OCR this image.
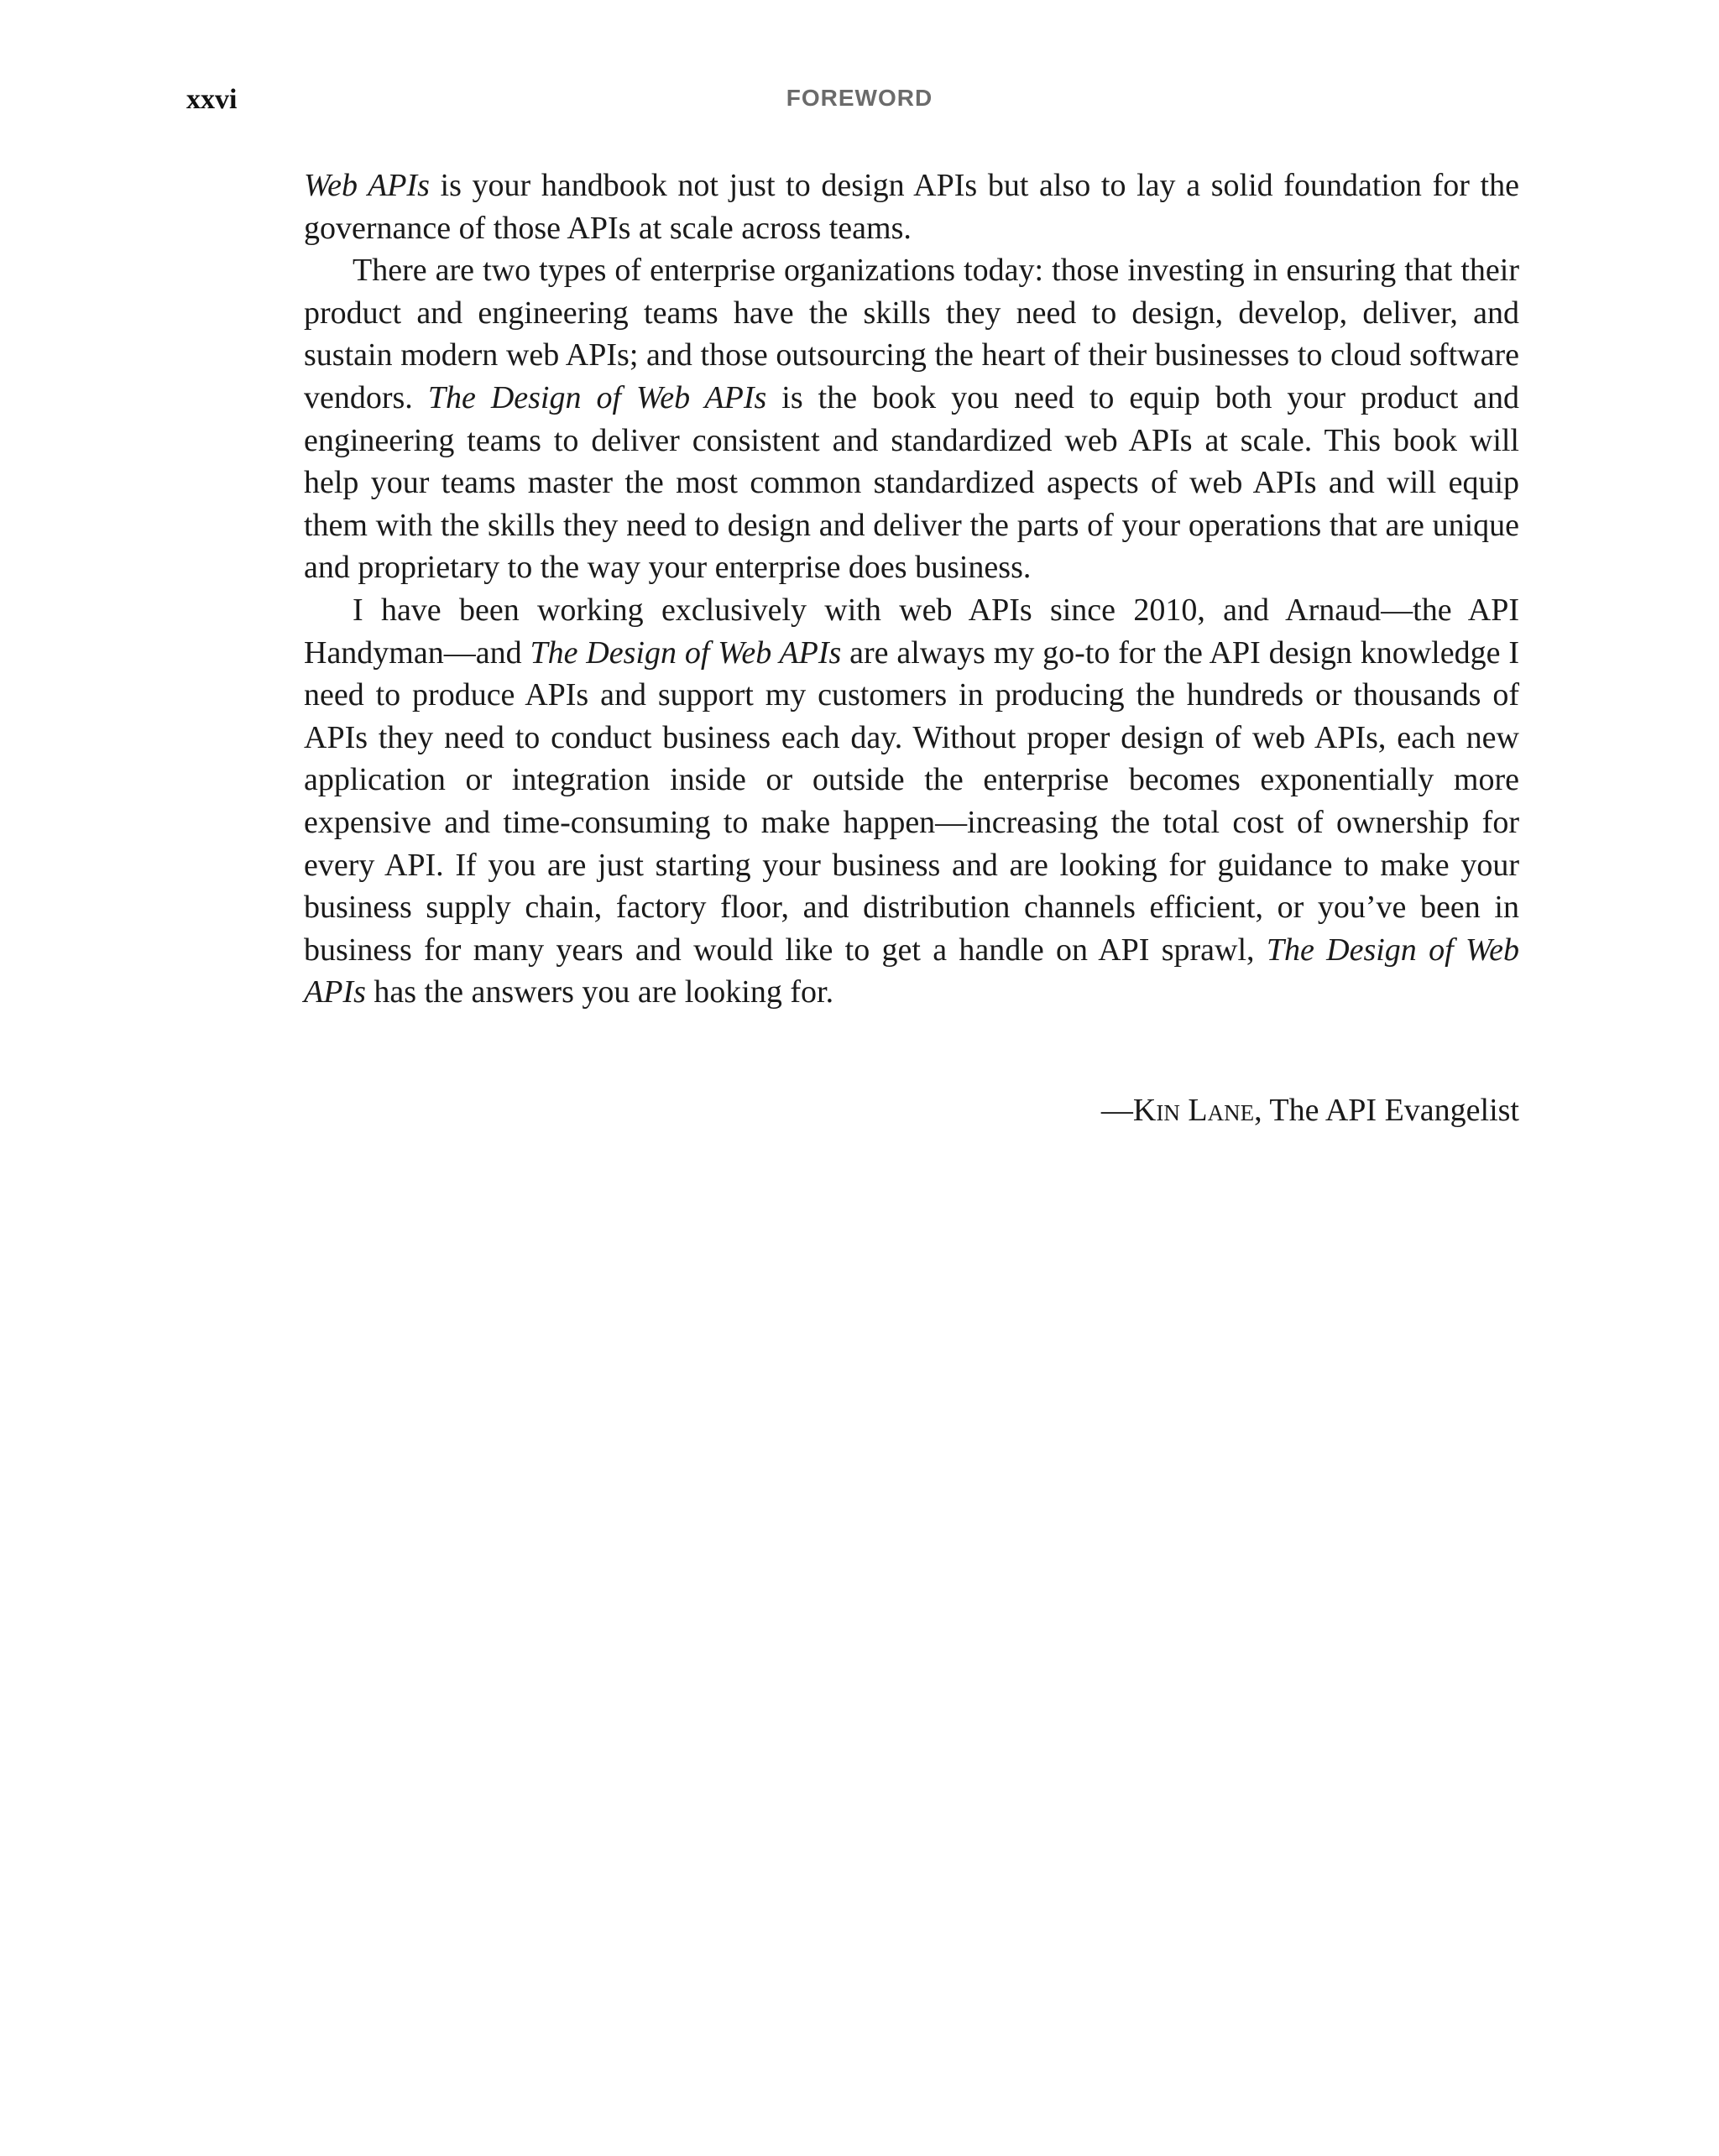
xxvi	FOREWORD

Web APIs is your handbook not just to design APIs but also to lay a solid foundation for the governance of those APIs at scale across teams.

There are two types of enterprise organizations today: those investing in ensuring that their product and engineering teams have the skills they need to design, develop, deliver, and sustain modern web APIs; and those outsourcing the heart of their businesses to cloud software vendors. The Design of Web APIs is the book you need to equip both your product and engineering teams to deliver consistent and standardized web APIs at scale. This book will help your teams master the most common standardized aspects of web APIs and will equip them with the skills they need to design and deliver the parts of your operations that are unique and proprietary to the way your enterprise does business.

I have been working exclusively with web APIs since 2010, and Arnaud—the API Handyman—and The Design of Web APIs are always my go-to for the API design knowledge I need to produce APIs and support my customers in producing the hundreds or thousands of APIs they need to conduct business each day. Without proper design of web APIs, each new application or integration inside or outside the enterprise becomes exponentially more expensive and time-consuming to make happen—increasing the total cost of ownership for every API. If you are just starting your business and are looking for guidance to make your business supply chain, factory floor, and distribution channels efficient, or you’ve been in business for many years and would like to get a handle on API sprawl, The Design of Web APIs has the answers you are looking for.

—Kin Lane, The API Evangelist
